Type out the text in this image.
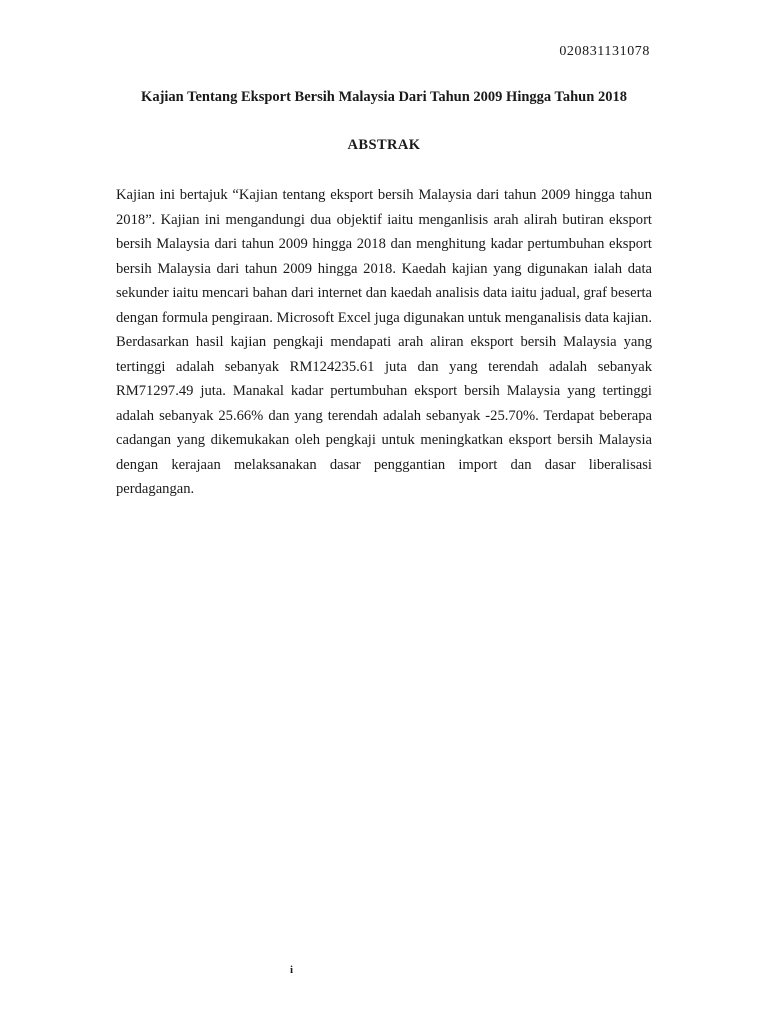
020831131078
Kajian Tentang Eksport Bersih Malaysia Dari Tahun 2009 Hingga Tahun 2018
ABSTRAK

Kajian ini bertajuk “Kajian tentang eksport bersih Malaysia dari tahun 2009 hingga tahun 2018”. Kajian ini mengandungi dua objektif iaitu menganlisis arah alirah butiran eksport bersih Malaysia dari tahun 2009 hingga 2018 dan menghitung kadar pertumbuhan eksport bersih Malaysia dari tahun 2009 hingga 2018. Kaedah kajian yang digunakan ialah data sekunder iaitu mencari bahan dari internet dan kaedah analisis data iaitu jadual, graf beserta dengan formula pengiraan. Microsoft Excel juga digunakan untuk menganalisis data kajian. Berdasarkan hasil kajian pengkaji mendapati arah aliran eksport bersih Malaysia yang tertinggi adalah sebanyak RM124235.61 juta dan yang terendah adalah sebanyak RM71297.49 juta. Manakal kadar pertumbuhan eksport bersih Malaysia yang tertinggi adalah sebanyak 25.66% dan yang terendah adalah sebanyak -25.70%. Terdapat beberapa cadangan yang dikemukakan oleh pengkaji untuk meningkatkan eksport bersih Malaysia dengan kerajaan melaksanakan dasar penggantian import dan dasar liberalisasi perdagangan.

i
